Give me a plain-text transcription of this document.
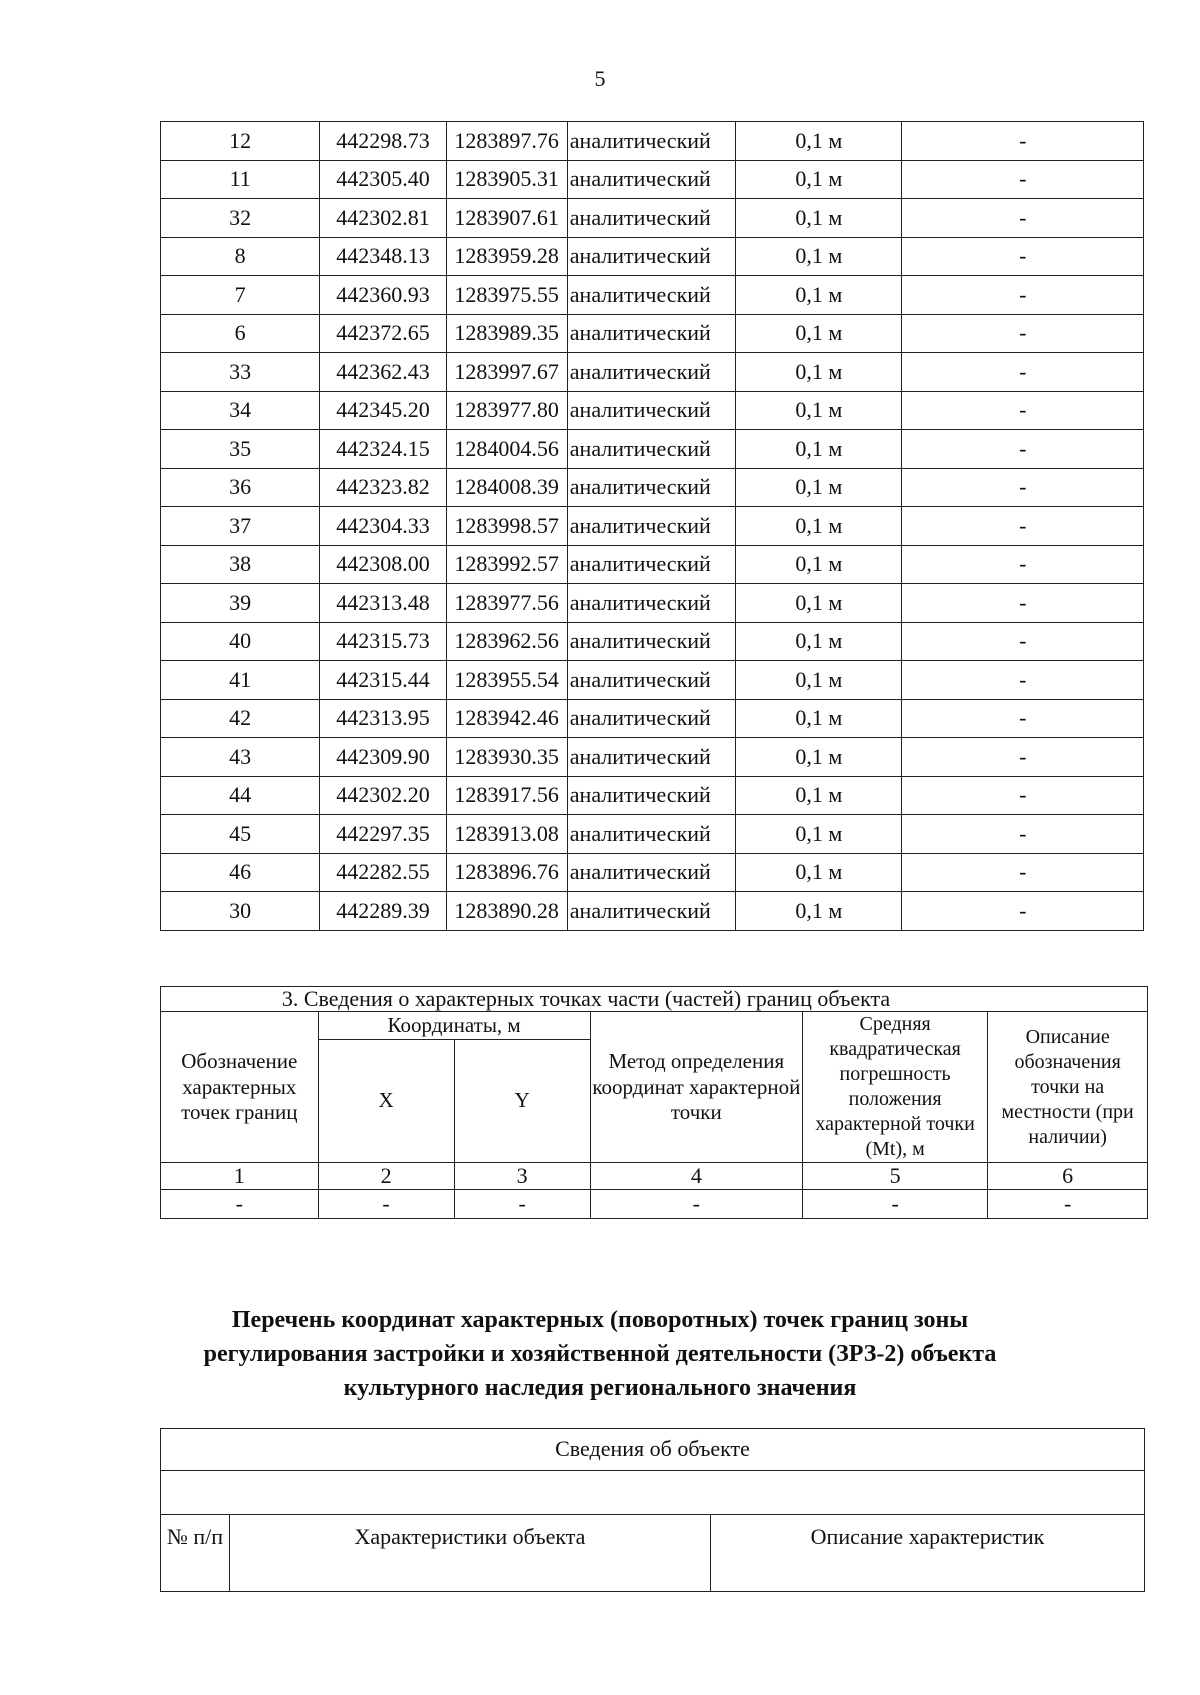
5
12	442298.73	1283897.76	аналитический	0,1 м	-
11	442305.40	1283905.31	аналитический	0,1 м	-
32	442302.81	1283907.61	аналитический	0,1 м	-
8	442348.13	1283959.28	аналитический	0,1 м	-
7	442360.93	1283975.55	аналитический	0,1 м	-
6	442372.65	1283989.35	аналитический	0,1 м	-
33	442362.43	1283997.67	аналитический	0,1 м	-
34	442345.20	1283977.80	аналитический	0,1 м	-
35	442324.15	1284004.56	аналитический	0,1 м	-
36	442323.82	1284008.39	аналитический	0,1 м	-
37	442304.33	1283998.57	аналитический	0,1 м	-
38	442308.00	1283992.57	аналитический	0,1 м	-
39	442313.48	1283977.56	аналитический	0,1 м	-
40	442315.73	1283962.56	аналитический	0,1 м	-
41	442315.44	1283955.54	аналитический	0,1 м	-
42	442313.95	1283942.46	аналитический	0,1 м	-
43	442309.90	1283930.35	аналитический	0,1 м	-
44	442302.20	1283917.56	аналитический	0,1 м	-
45	442297.35	1283913.08	аналитический	0,1 м	-
46	442282.55	1283896.76	аналитический	0,1 м	-
30	442289.39	1283890.28	аналитический	0,1 м	-
3. Сведения о характерных точках части (частей) границ объекта					
Обозначение характерных точек границ	Координаты, м		Метод определения координат характерной точки	Средняя квадратическая погрешность положения характерной точки (Mt), м	Описание обозначения точки на местности (при наличии)
	X	Y			
1	2	3	4	5	6
-	-	-	-	-	-
Перечень координат характерных (поворотных) точек границ зоны
регулирования застройки и хозяйственной деятельности (ЗРЗ-2) объекта
культурного наследия регионального значения
Сведения об объекте

№ п/п	Характеристики объекта	Описание характеристик
